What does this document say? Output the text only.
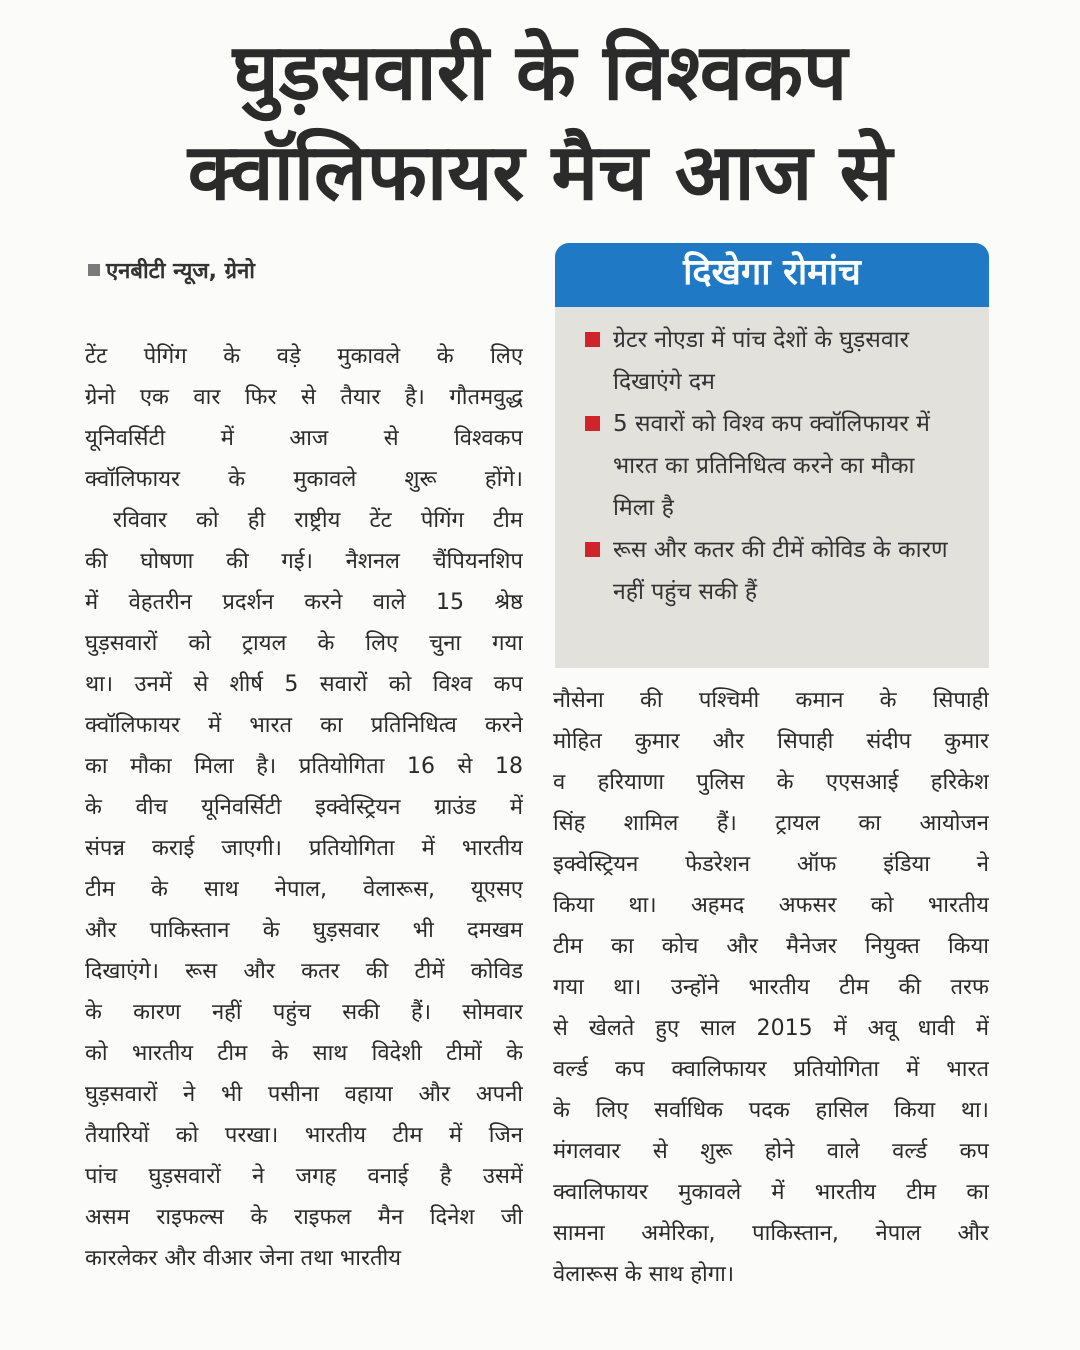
घुड़सवारी के विश्वकप
क्वॉलिफायर मैच आज से
एनबीटी न्यूज, ग्रेनो
टेंट पेगिंग के वड़े मुकावले के लिए
ग्रेनो एक वार फिर से तैयार है। गौतमवुद्ध
यूनिवर्सिटी में आज से विश्वकप
क्वॉलिफायर के मुकावले शुरू होंगे।
रविवार को ही राष्ट्रीय टेंट पेगिंग टीम
की घोषणा की गई। नैशनल चैंपियनशिप
में वेहतरीन प्रदर्शन करने वाले 15 श्रेष्ठ
घुड़सवारों को ट्रायल के लिए चुना गया
था। उनमें से शीर्ष 5 सवारों को विश्व कप
क्वॉलिफायर में भारत का प्रतिनिधित्व करने
का मौका मिला है। प्रतियोगिता 16 से 18
के वीच यूनिवर्सिटी इक्वेस्ट्रियन ग्राउंड में
संपन्न कराई जाएगी। प्रतियोगिता में भारतीय
टीम के साथ नेपाल, वेलारूस, यूएसए
और पाकिस्तान के घुड़सवार भी दमखम
दिखाएंगे। रूस और कतर की टीमें कोविड
के कारण नहीं पहुंच सकी हैं। सोमवार
को भारतीय टीम के साथ विदेशी टीमों के
घुड़सवारों ने भी पसीना वहाया और अपनी
तैयारियों को परखा। भारतीय टीम में जिन
पांच घुड़सवारों ने जगह वनाई है उसमें
असम राइफल्स के राइफल मैन दिनेश जी
कारलेकर और वीआर जेना तथा भारतीय
दिखेगा रोमांच
ग्रेटर नोएडा में पांच देशों के घुड़सवार दिखाएंगे दम
5 सवारों को विश्व कप क्वॉलिफायर में भारत का प्रतिनिधित्व करने का मौका मिला है
रूस और कतर की टीमें कोविड के कारण नहीं पहुंच सकी हैं
नौसेना की पश्चिमी कमान के सिपाही
मोहित कुमार और सिपाही संदीप कुमार
व हरियाणा पुलिस के एएसआई हरिकेश
सिंह शामिल हैं। ट्रायल का आयोजन
इक्वेस्ट्रियन फेडरेशन ऑफ इंडिया ने
किया था। अहमद अफसर को भारतीय
टीम का कोच और मैनेजर नियुक्त किया
गया था। उन्होंने भारतीय टीम की तरफ
से खेलते हुए साल 2015 में अवू धावी में
वर्ल्ड कप क्वालिफायर प्रतियोगिता में भारत
के लिए सर्वाधिक पदक हासिल किया था।
मंगलवार से शुरू होने वाले वर्ल्ड कप
क्वालिफायर मुकावले में भारतीय टीम का
सामना अमेरिका, पाकिस्तान, नेपाल और
वेलारूस के साथ होगा।
